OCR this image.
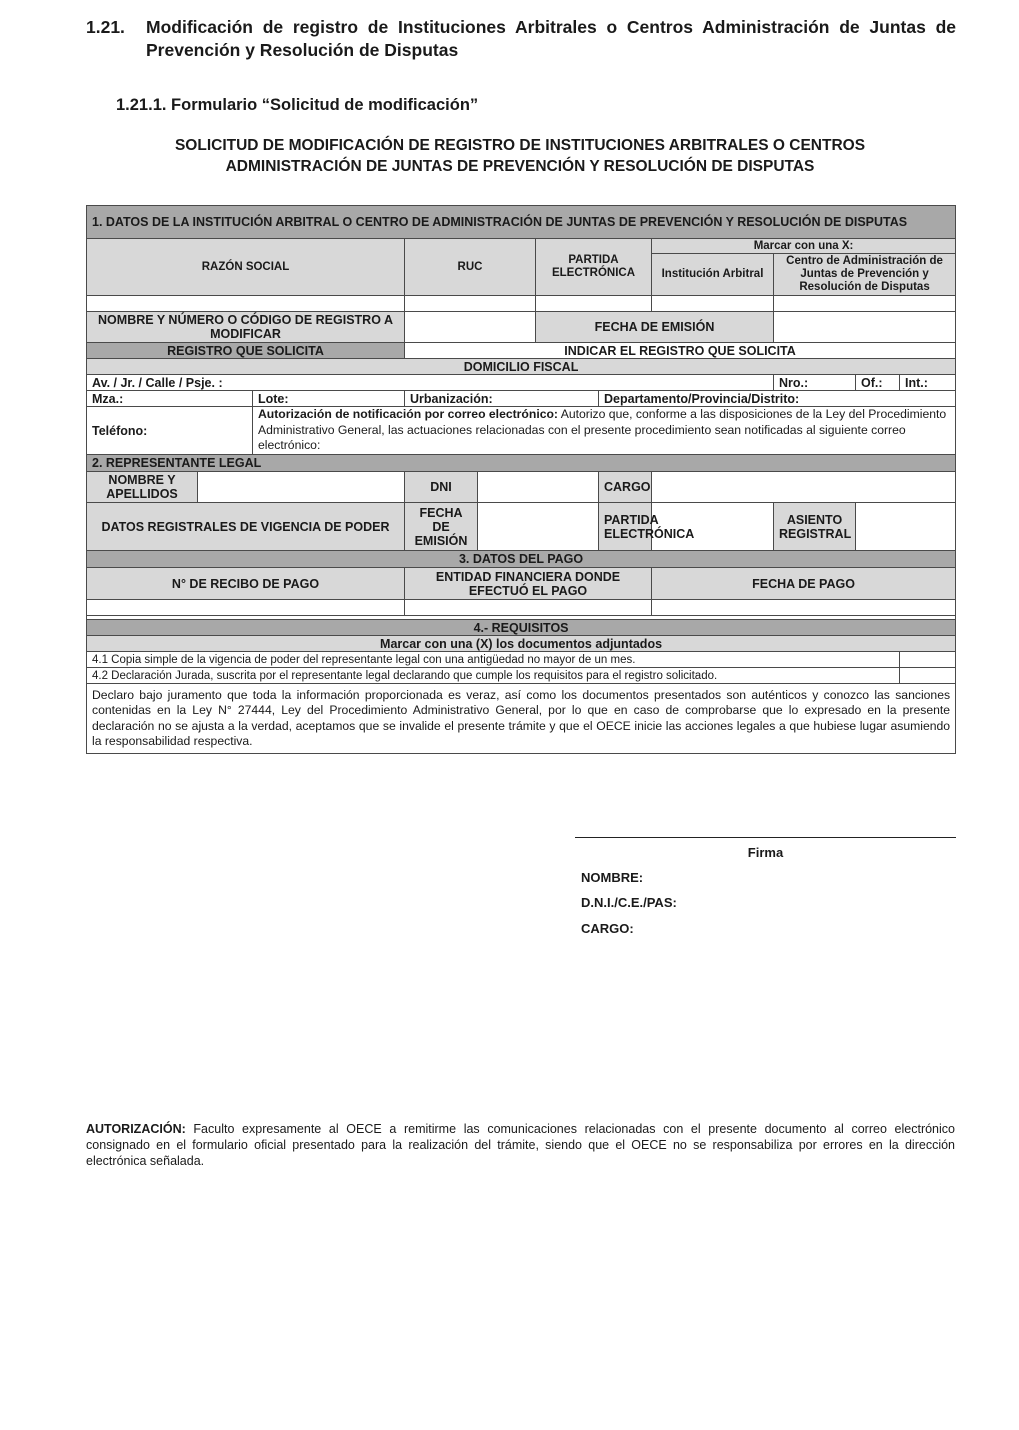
1.21. Modificación de registro de Instituciones Arbitrales o Centros Administración de Juntas de Prevención y Resolución de Disputas
1.21.1. Formulario “Solicitud de modificación”
SOLICITUD DE MODIFICACIÓN DE REGISTRO DE INSTITUCIONES ARBITRALES O CENTROS
ADMINISTRACIÓN DE JUNTAS DE PREVENCIÓN Y RESOLUCIÓN DE DISPUTAS
1. DATOS DE LA INSTITUCIÓN ARBITRAL O CENTRO DE ADMINISTRACIÓN DE JUNTAS DE PREVENCIÓN Y RESOLUCIÓN DE DISPUTAS										
RAZÓN SOCIAL			RUC		PARTIDA ELECTRÓNICA		Marcar con una X:			
							Institución Arbitral	Centro de Administración de Juntas de Prevención y Resolución de Disputas		

NOMBRE Y NÚMERO O CÓDIGO DE REGISTRO A MODIFICAR					FECHA DE EMISIÓN					
REGISTRO QUE SOLICITA			INDICAR EL REGISTRO QUE SOLICITA							
DOMICILIO FISCAL										
Av. / Jr. / Calle / Psje. :								Nro.:	Of.:	Int.:
Mza.:		Lote:	Urbanización:			Departamento/Provincia/Distrito:				
Teléfono:		Autorización de notificación por correo electrónico: Autorizo que, conforme a las disposiciones de la Ley del Procedimiento Administrativo General, las actuaciones relacionadas con el presente procedimiento sean notificadas al siguiente correo electrónico:								
2. REPRESENTANTE LEGAL										
NOMBRE Y APELLIDOS			DNI			CARGO				
DATOS REGISTRALES DE VIGENCIA DE PODER			FECHA DE EMISIÓN			PARTIDA ELECTRÓNICA		ASIENTO REGISTRAL		
3. DATOS DEL PAGO										
N° DE RECIBO DE PAGO			ENTIDAD FINANCIERA DONDE EFECTUÓ EL PAGO				FECHA DE PAGO			

4.- REQUISITOS										
Marcar con una (X) los documentos adjuntados										
4.1 Copia simple de la vigencia de poder del representante legal con una antigüedad no mayor de un mes.										
4.2 Declaración Jurada, suscrita por el representante legal declarando que cumple los requisitos para el registro solicitado.										
Declaro bajo juramento que toda la información proporcionada es veraz, así como los documentos presentados son auténticos y conozco las sanciones contenidas en la Ley N° 27444, Ley del Procedimiento Administrativo General, por lo que en caso de comprobarse que lo expresado en la presente declaración no se ajusta a la verdad, aceptamos que se invalide el presente trámite y que el OECE inicie las acciones legales a que hubiese lugar asumiendo la responsabilidad respectiva.										
Firma
NOMBRE:
D.N.I./C.E./PAS:
CARGO:
AUTORIZACIÓN: Faculto expresamente al OECE a remitirme las comunicaciones relacionadas con el presente documento al correo electrónico consignado en el formulario oficial presentado para la realización del trámite, siendo que el OECE no se responsabiliza por errores en la dirección electrónica señalada.
